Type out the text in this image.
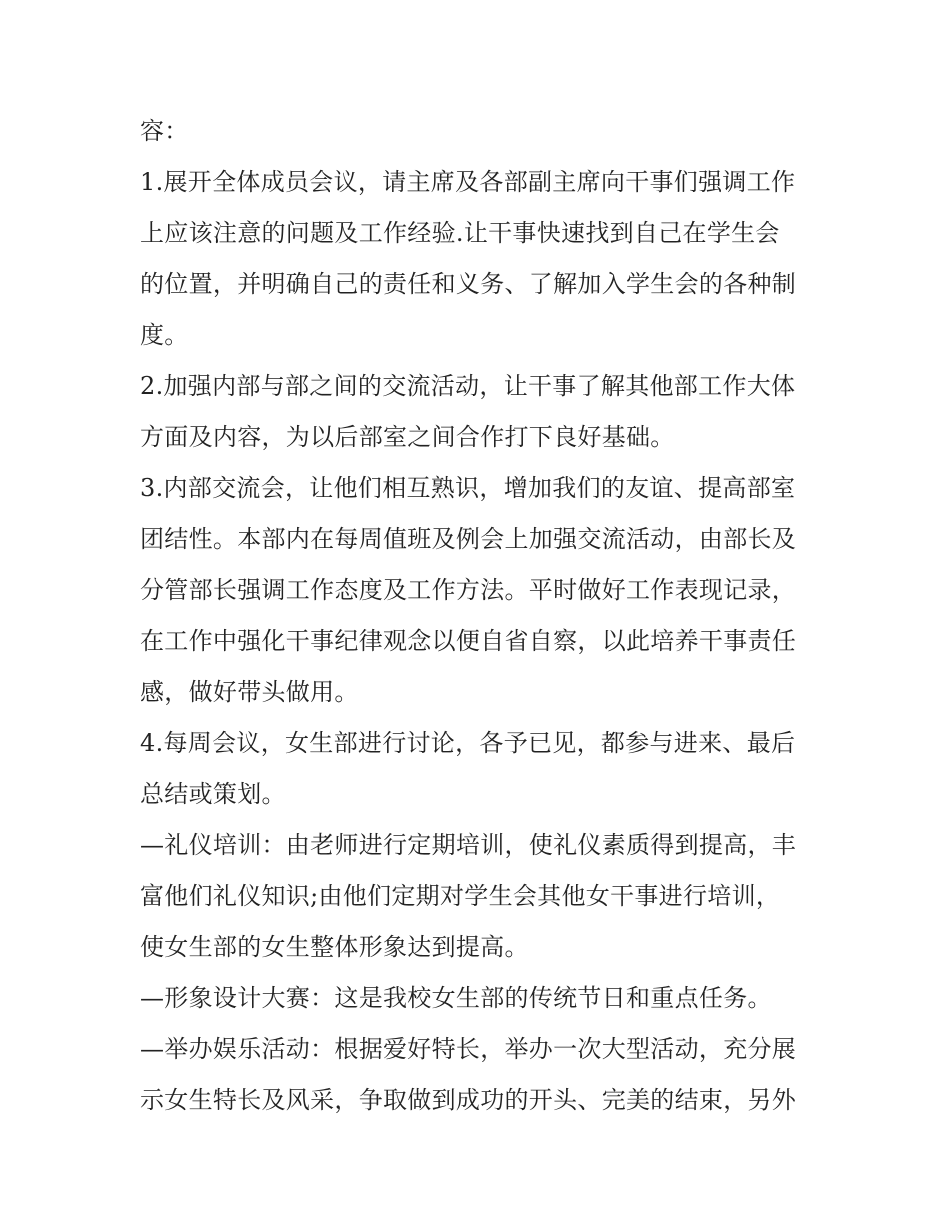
容：
1.展开全体成员会议，请主席及各部副主席向干事们强调工作
上应该注意的问题及工作经验.让干事快速找到自己在学生会
的位置，并明确自己的责任和义务、了解加入学生会的各种制
度。
2.加强内部与部之间的交流活动，让干事了解其他部工作大体
方面及内容，为以后部室之间合作打下良好基础。
3.内部交流会，让他们相互熟识，增加我们的友谊、提高部室
团结性。本部内在每周值班及例会上加强交流活动，由部长及
分管部长强调工作态度及工作方法。平时做好工作表现记录，
在工作中强化干事纪律观念以便自省自察，以此培养干事责任
感，做好带头做用。
4.每周会议，女生部进行讨论，各予已见，都参与进来、最后
总结或策划。
—礼仪培训：由老师进行定期培训，使礼仪素质得到提高，丰
富他们礼仪知识;由他们定期对学生会其他女干事进行培训，
使女生部的女生整体形象达到提高。
—形象设计大赛：这是我校女生部的传统节日和重点任务。
—举办娱乐活动：根据爱好特长，举办一次大型活动，充分展
示女生特长及风采，争取做到成功的开头、完美的结束，另外
